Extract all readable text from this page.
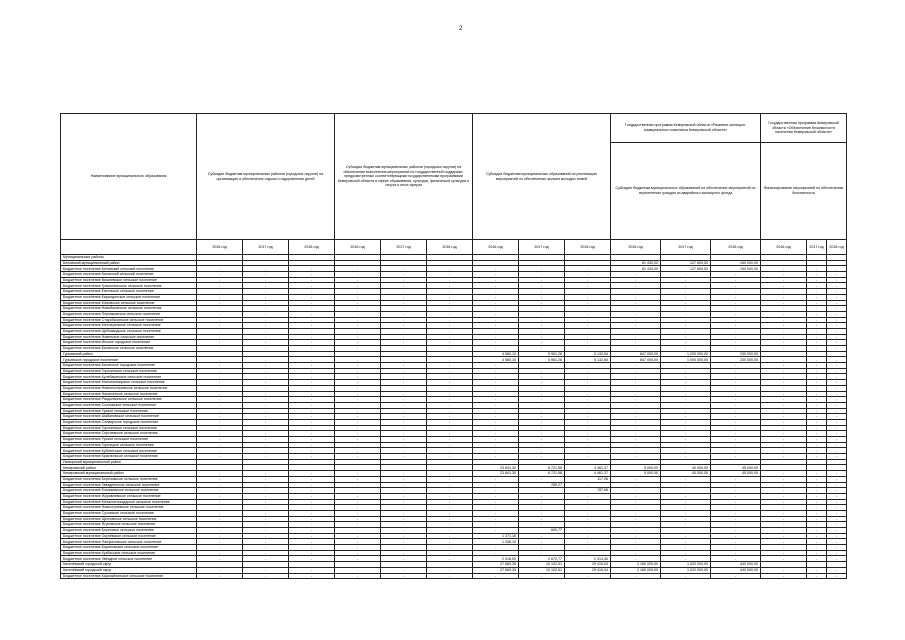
2
Наименование муниципального образования	Субсидия бюджетам муниципальных районов (городских округов) на организацию и обеспечение отдыха и оздоровления детей			Субсидия бюджетам муниципальных районов (городских округов) на обеспечение выполнения мероприятий по государственной поддержке, предусмотренных соответствующими государственными программами Кемеровской области в сфере образования, культуры, физической культуры и спорта и иных сферах			Субсидия бюджетам муниципальных образований на реализацию мероприятий по обеспечению жильем молодых семей			Государственная программа Кемеровской области «Развитие жилищно-коммунального комплекса Кемеровской области»			Государственная программа Кемеровской области «Обеспечение безопасности населения Кемеровской области»		
										Субсидия бюджетам муниципальных образований на обеспечение мероприятий по переселению граждан из аварийного жилищного фонда			Финансирование мероприятий по обеспечению безопасности		
	2016 год	2017 год	2018 год	2016 год	2017 год	2018 год	2016 год	2017 год	2018 год	2016 год	2017 год	2018 год	2016 год	2017 год	2018 год
Муниципальные районы															
Беловский муниципальный район										81 430,00	127 600,00	150 000,00			
Бюджетное поселение Беловский сельский поселение	-	-	-	-	-	-	-	-	-	81 430,00	127 600,00	150 000,00	-	-	-
Бюджетное поселение Бачатский сельский поселение	-	-	-	-	-	-	-	-	-	-	-	-	-	-	-
Бюджетное поселение Вишневское сельское поселение	-	-	-	-	-	-	-	-	-	-	-	-	-	-	-
Бюджетное поселение Грамотеинское сельское поселение	-	-	-	-	-	-	-	-	-	-	-	-	-	-	-
Бюджетное поселение Евтинское сельское поселение	-	-	-	-	-	-	-	-	-	-	-	-	-	-	-
Бюджетное поселение Каралдинское сельское поселение	-	-	-	-	-	-	-	-	-	-	-	-	-	-	-
Бюджетное поселение Моховское сельское поселение	-	-	-	-	-	-	-	-	-	-	-	-	-	-	-
Бюджетное поселение Новобачатское сельское поселение	-	-	-	-	-	-	-	-	-	-	-	-	-	-	-
Бюджетное поселение Пермяковское сельское поселение	-	-	-	-	-	-	-	-	-	-	-	-	-	-	-
Бюджетное поселение Старобачатское сельское поселение	-	-	-	-	-	-	-	-	-	-	-	-	-	-	-
Бюджетное поселение Менчерепское сельское поселение	-	-	-	-	-	-	-	-	-	-	-	-	-	-	-
Бюджетное поселение Щебзаводское сельское поселение	-	-	-	-	-	-	-	-	-	-	-	-	-	-	-
Бюджетное поселение Новенское сельское поселение	-	-	-	-	-	-	-	-	-	-	-	-	-	-	-
Бюджетное поселение Инское городское поселение	-	-	-	-	-	-	-	-	-	-	-	-	-	-	-
Бюджетное поселение Бачатское сельское поселение	-	-	-	-	-	-	-	-	-	-	-	-	-	-	-
Гурьевский район							4 580,10	5 961,26	5 132,84	847 000,00	1 000 000,00	230 000,00			
Гурьевское городское поселение	-	-	-	-	-	-	4 580,10	5 961,26	5 132,84	847 000,00	1 000 000,00	230 000,00	-	-	-
Бюджетное поселение Бачатское городское поселение	-	-	-	-	-	-	-	-	-	-	-	-	-	-	-
Бюджетное поселение Горскинское сельское поселение	-	-	-	-	-	-	-	-	-	-	-	-	-	-	-
Бюджетное поселение Кулебакинское сельское поселение	-	-	-	-	-	-	-	-	-	-	-	-	-	-	-
Бюджетное поселение Малосалаирское сельское поселение	-	-	-	-	-	-	-	-	-	-	-	-	-	-	-
Бюджетное поселение Новопестеревское сельское поселение	-	-	-	-	-	-	-	-	-	-	-	-	-	-	-
Бюджетное поселение Никитинское сельское поселение	-	-	-	-	-	-	-	-	-	-	-	-	-	-	-
Бюджетное поселение Раздольинское сельское поселение	-	-	-	-	-	-	-	-	-	-	-	-	-	-	-
Бюджетное поселение Сосновское сельское поселение	-	-	-	-	-	-	-	-	-	-	-	-	-	-	-
Бюджетное поселение Урское сельское поселение	-	-	-	-	-	-	-	-	-	-	-	-	-	-	-
Бюджетное поселение Шабановское сельское поселение	-	-	-	-	-	-	-	-	-	-	-	-	-	-	-
Бюджетное поселение Салаирское городское поселение	-	-	-	-	-	-	-	-	-	-	-	-	-	-	-
Бюджетное поселение Горскинское сельское поселение	-	-	-	-	-	-	-	-	-	-	-	-	-	-	-
Бюджетное поселение Сергиевское сельское поселение	-	-	-	-	-	-	-	-	-	-	-	-	-	-	-
Бюджетное поселение Урское сельское поселение	-	-	-	-	-	-	-	-	-	-	-	-	-	-	-
Бюджетное поселение Горняцкое сельское поселение	-	-	-	-	-	-	-	-	-	-	-	-	-	-	-
Бюджетное поселение Кубитетское сельское поселение	-	-	-	-	-	-	-	-	-	-	-	-	-	-	-
Бюджетное поселение Краснинское сельское поселение	-	-	-	-	-	-	-	-	-	-	-	-	-	-	-
Ижморский муниципальный район															
Кемеровский район							23 841,30	6 721,58	4 461,37	5 000,00	40 000,00	45 000,00			
Кемеровский муниципальный район	-	-	-	-	-	-	23 841,30	6 721,58	4 461,37	5 000,00	40 000,00	45 000,00	-	-	-
Бюджетное поселение Березовское сельское поселение	-	-	-	-	-	-	-	-	117,26	-	-	-	-	-	-
Бюджетное поселение Звездненское сельское поселение	-	-	-	-	-	-	-	789,27	-	-	-	-	-	-	-
Бюджетное поселение Елыкаевское сельское поселение	-	-	-	-	-	-	-	-	787,65	-	-	-	-	-	-
Бюджетное поселение Журавлевское сельское поселение	-	-	-	-	-	-	-	-	-	-	-	-	-	-	-
Бюджетное поселение Металлплощадское сельское поселение	-	-	-	-	-	-	-	-	-	-	-	-	-	-	-
Бюджетное поселение Новостроевское сельское поселение	-	-	-	-	-	-	-	-	-	-	-	-	-	-	-
Бюджетное поселение Суховское сельское поселение	-	-	-	-	-	-	-	-	-	-	-	-	-	-	-
Бюджетное поселение Щегловское сельское поселение	-	-	-	-	-	-	-	-	-	-	-	-	-	-	-
Бюджетное поселение Ягуновское сельское поселение	-	-	-	-	-	-	-	-	-	-	-	-	-	-	-
Бюджетное поселение Береговое сельское поселение	-	-	-	-	-	-	-	600,77	-	-	-	-	-	-	-
Бюджетное поселение Окунёвское сельское поселение	-	-	-	-	-	-	1 371,16	-	-	-	-	-	-	-	-
Бюджетное поселение Панфиловское сельское поселение	-	-	-	-	-	-	1 336,10	-	-	-	-	-	-	-	-
Бюджетное поселение Барановское сельское поселение	-	-	-	-	-	-	-	-	-	-	-	-	-	-	-
Бюджетное поселение Кузбасское сельское поселение	-	-	-	-	-	-	-	-	-	-	-	-	-	-	-
Бюджетное поселение Звёздное сельское поселение	-	-	-	-	-	-	2 018,00	2 672,77	2 413,40	-	-	-	-	-	-
Киселёвский городской округ							27 660,35	10 102,51	29 415,04	2 180 000,00	1 020 000,00	440 000,00			
Киселёвский городской округ	-	-	-	-	-	-	27 660,35	10 102,51	29 415,04	2 180 000,00	1 020 000,00	440 000,00	-	-	-
Бюджетное поселение Карагайлинское сельское поселение	-	-	-	-	-	-	-	-	-	-	-	-	-	-	-
